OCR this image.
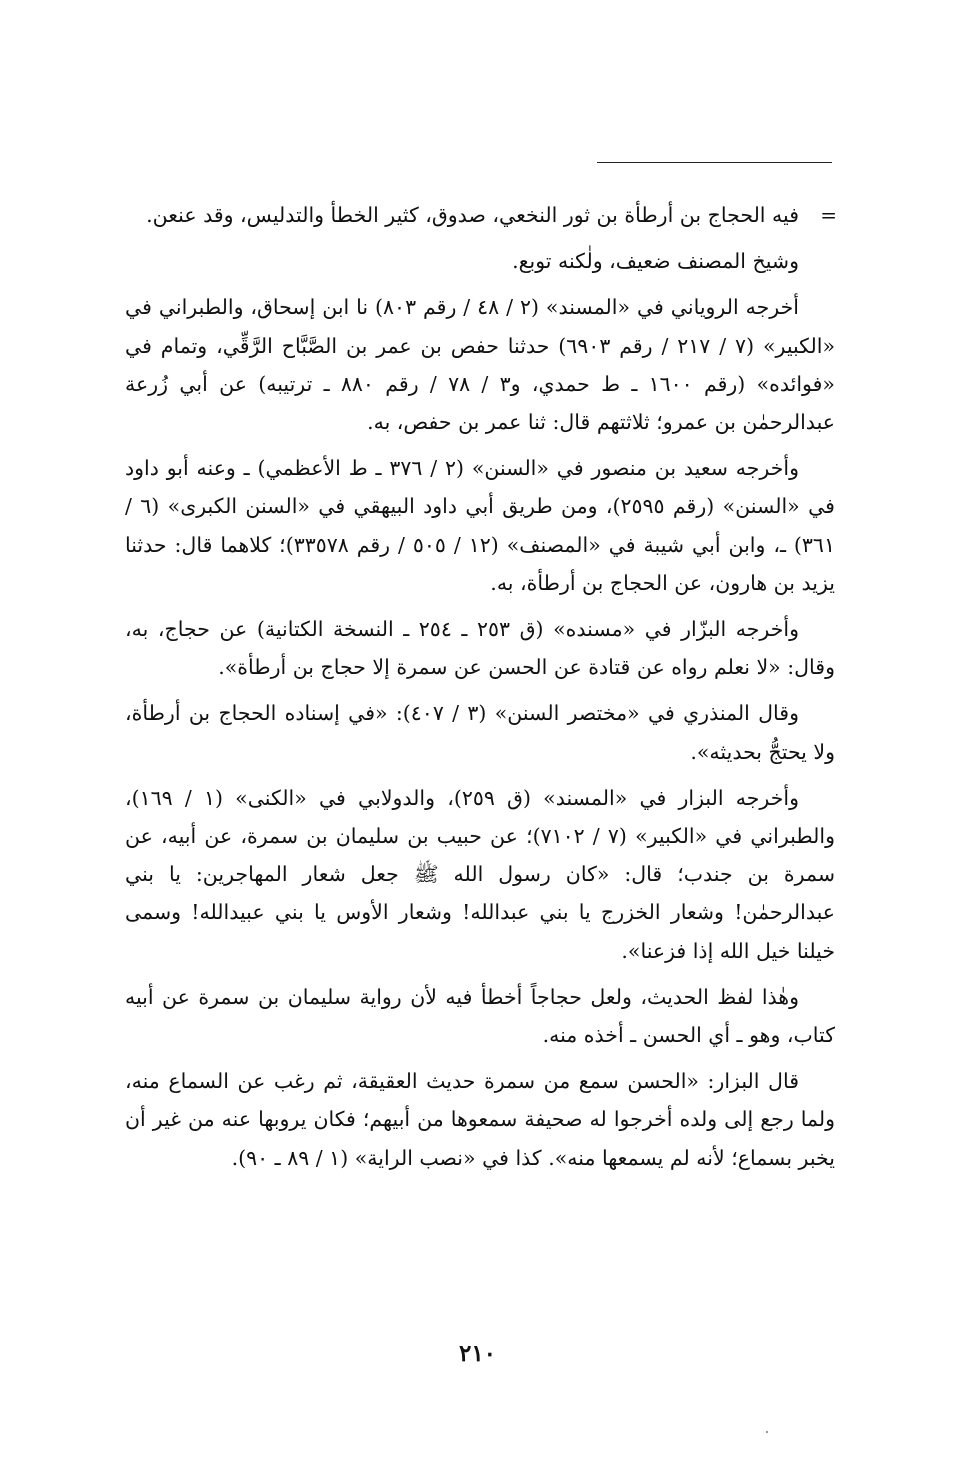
=
فيه الحجاج بن أرطأة بن ثور النخعي، صدوق، كثير الخطأ والتدليس، وقد عنعن.

وشيخ المصنف ضعيف، ولٰكنه توبع.

أخرجه الروياني في «المسند» (٢ / ٤٨ / رقم ٨٠٣) نا ابن إسحاق، والطبراني في «الكبير» (٧ / ٢١٧ / رقم ٦٩٠٣) حدثنا حفص بن عمر بن الصَّبَّاح الرَّقِّي، وتمام في «فوائده» (رقم ١٦٠٠ ـ ط حمدي، و٣ / ٧٨ / رقم ٨٨٠ ـ ترتيبه) عن أبي زُرعة عبدالرحمٰن بن عمرو؛ ثلاثتهم قال: ثنا عمر بن حفص، به.

وأخرجه سعيد بن منصور في «السنن» (٢ / ٣٧٦ ـ ط الأعظمي) ـ وعنه أبو داود في «السنن» (رقم ٢٥٩٥)، ومن طريق أبي داود البيهقي في «السنن الكبرى» (٦ / ٣٦١) ـ، وابن أبي شيبة في «المصنف» (١٢ / ٥٠٥ / رقم ٣٣٥٧٨)؛ كلاهما قال: حدثنا يزيد بن هارون، عن الحجاج بن أرطأة، به.

وأخرجه البزّار في «مسنده» (ق ٢٥٣ ـ ٢٥٤ ـ النسخة الكتانية) عن حجاج، به، وقال: «لا نعلم رواه عن قتادة عن الحسن عن سمرة إلا حجاج بن أرطأة».

وقال المنذري في «مختصر السنن» (٣ / ٤٠٧): «في إسناده الحجاج بن أرطأة، ولا يحتجُّ بحديثه».

وأخرجه البزار في «المسند» (ق ٢٥٩)، والدولابي في «الكنى» (١ / ١٦٩)، والطبراني في «الكبير» (٧ / ٧١٠٢)؛ عن حبيب بن سليمان بن سمرة، عن أبيه، عن سمرة بن جندب؛ قال: «كان رسول الله ﷺ جعل شعار المهاجرين: يا بني عبدالرحمٰن! وشعار الخزرج يا بني عبدالله! وشعار الأوس يا بني عبيدالله! وسمى خيلنا خيل الله إذا فزعنا».

وهٰذا لفظ الحديث، ولعل حجاجاً أخطأ فيه لأن رواية سليمان بن سمرة عن أبيه كتاب، وهو ـ أي الحسن ـ أخذه منه.

قال البزار: «الحسن سمع من سمرة حديث العقيقة، ثم رغب عن السماع منه، ولما رجع إلى ولده أخرجوا له صحيفة سمعوها من أبيهم؛ فكان يروبها عنه من غير أن يخبر بسماع؛ لأنه لم يسمعها منه». كذا في «نصب الراية» (١ / ٨٩ ـ ٩٠).

٢١٠
